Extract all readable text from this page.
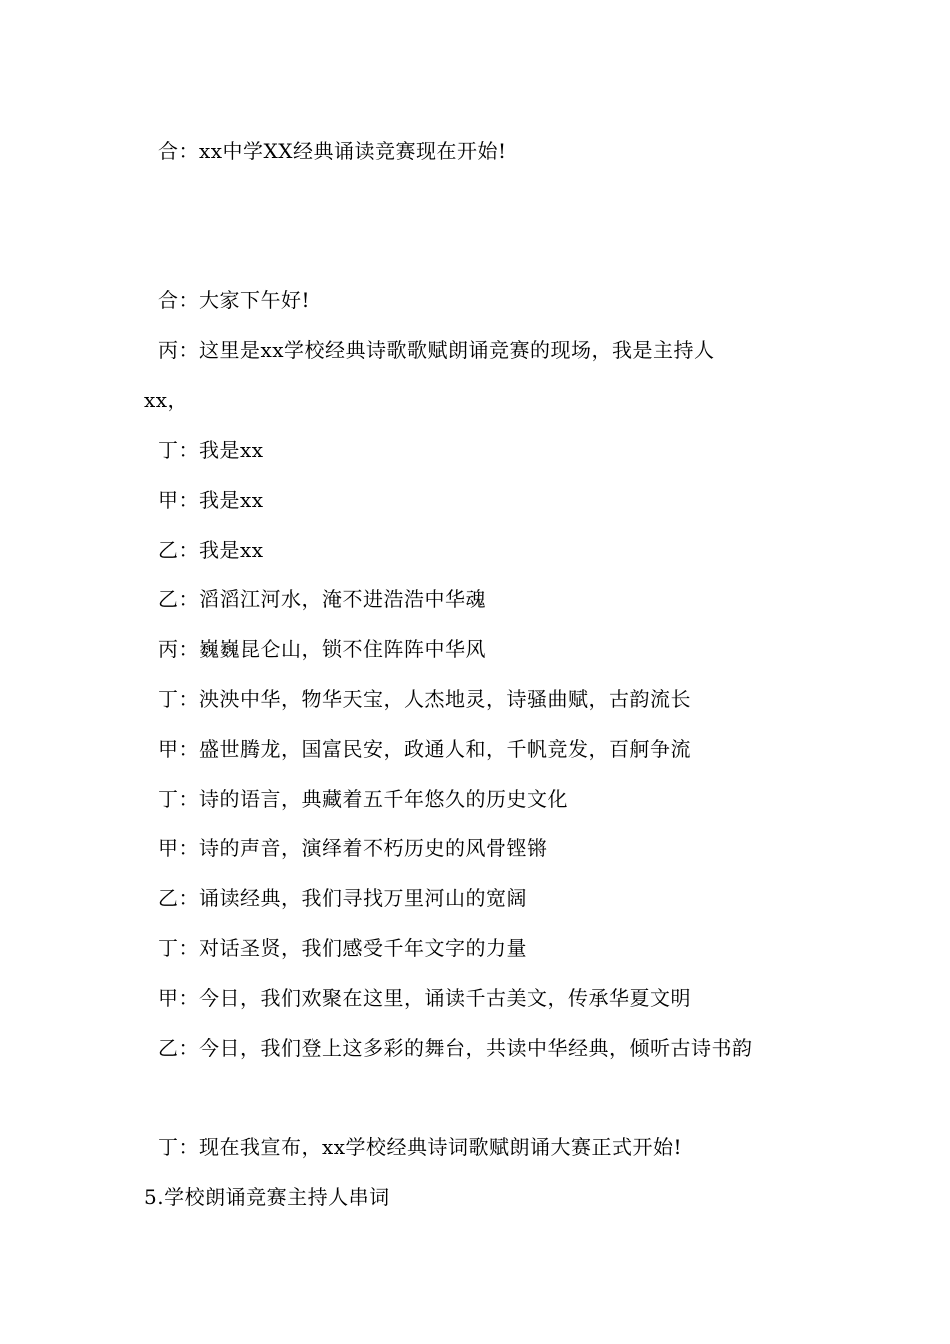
合：xx中学XX经典诵读竞赛现在开始!
合：大家下午好!
丙：这里是xx学校经典诗歌歌赋朗诵竞赛的现场，我是主持人
xx，
丁：我是xx
甲：我是xx
乙：我是xx
乙：滔滔江河水，淹不进浩浩中华魂
丙：巍巍昆仑山，锁不住阵阵中华风
丁：泱泱中华，物华天宝，人杰地灵，诗骚曲赋，古韵流长
甲：盛世腾龙，国富民安，政通人和，千帆竞发，百舸争流
丁：诗的语言，典藏着五千年悠久的历史文化
甲：诗的声音，演绎着不朽历史的风骨铿锵
乙：诵读经典，我们寻找万里河山的宽阔
丁：对话圣贤，我们感受千年文字的力量
甲：今日，我们欢聚在这里，诵读千古美文，传承华夏文明
乙：今日，我们登上这多彩的舞台，共读中华经典，倾听古诗书韵
丁：现在我宣布，xx学校经典诗词歌赋朗诵大赛正式开始!
5.学校朗诵竞赛主持人串词
